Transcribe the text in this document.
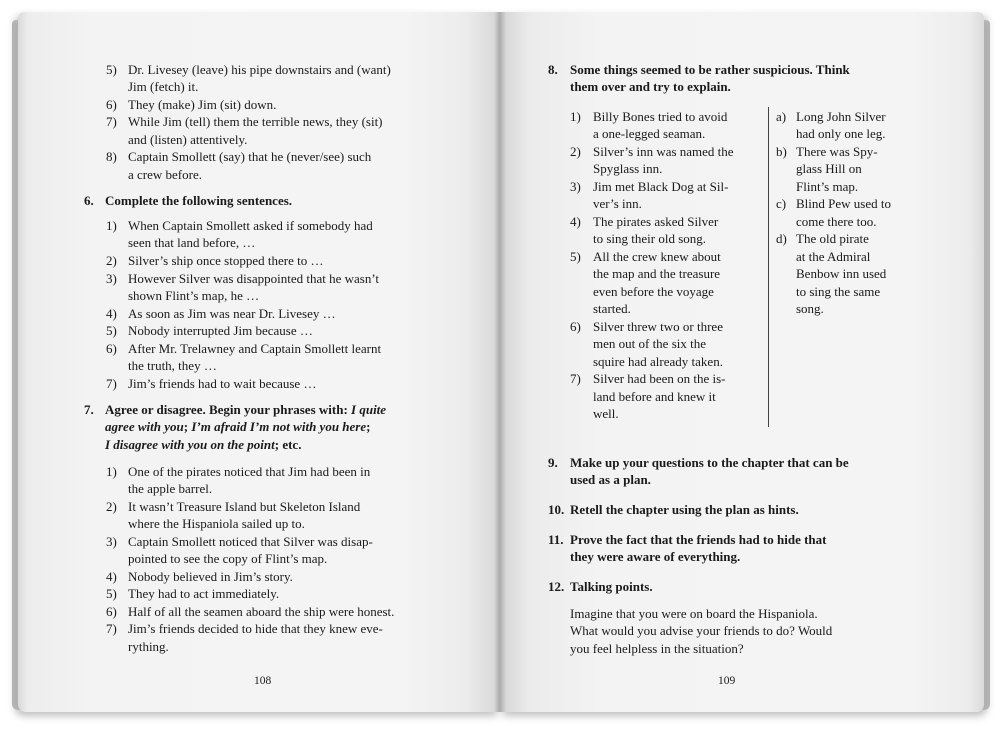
5) Dr. Livesey (leave) his pipe downstairs and (want)
Jim (fetch) it.
6) They (make) Jim (sit) down.
7) While Jim (tell) them the terrible news, they (sit)
and (listen) attentively.
8) Captain Smollett (say) that he (never/see) such
a crew before.
6. Complete the following sentences.
1) When Captain Smollett asked if somebody had
seen that land before, …
2) Silver’s ship once stopped there to …
3) However Silver was disappointed that he wasn’t
shown Flint’s map, he …
4) As soon as Jim was near Dr. Livesey …
5) Nobody interrupted Jim because …
6) After Mr. Trelawney and Captain Smollett learnt
the truth, they …
7) Jim’s friends had to wait because …
7. Agree or disagree. Begin your phrases with: I quite
agree with you; I’m afraid I’m not with you here;
I disagree with you on the point; etc.
1) One of the pirates noticed that Jim had been in
the apple barrel.
2) It wasn’t Treasure Island but Skeleton Island
where the Hispaniola sailed up to.
3) Captain Smollett noticed that Silver was disap-
pointed to see the copy of Flint’s map.
4) Nobody believed in Jim’s story.
5) They had to act immediately.
6) Half of all the seamen aboard the ship were honest.
7) Jim’s friends decided to hide that they knew eve-
rything.
108
8. Some things seemed to be rather suspicious. Think
them over and try to explain.
1) Billy Bones tried to avoid
a one-legged seaman.
2) Silver’s inn was named the
Spyglass inn.
3) Jim met Black Dog at Sil-
ver’s inn.
4) The pirates asked Silver
to sing their old song.
5) All the crew knew about
the map and the treasure
even before the voyage
started.
6) Silver threw two or three
men out of the six the
squire had already taken.
7) Silver had been on the is-
land before and knew it
well.
a) Long John Silver
had only one leg.
b) There was Spy-
glass Hill on
Flint’s map.
c) Blind Pew used to
come there too.
d) The old pirate
at the Admiral
Benbow inn used
to sing the same
song.
9. Make up your questions to the chapter that can be
used as a plan.
10. Retell the chapter using the plan as hints.
11. Prove the fact that the friends had to hide that
they were aware of everything.
12. Talking points.
Imagine that you were on board the Hispaniola.
What would you advise your friends to do? Would
you feel helpless in the situation?
109
